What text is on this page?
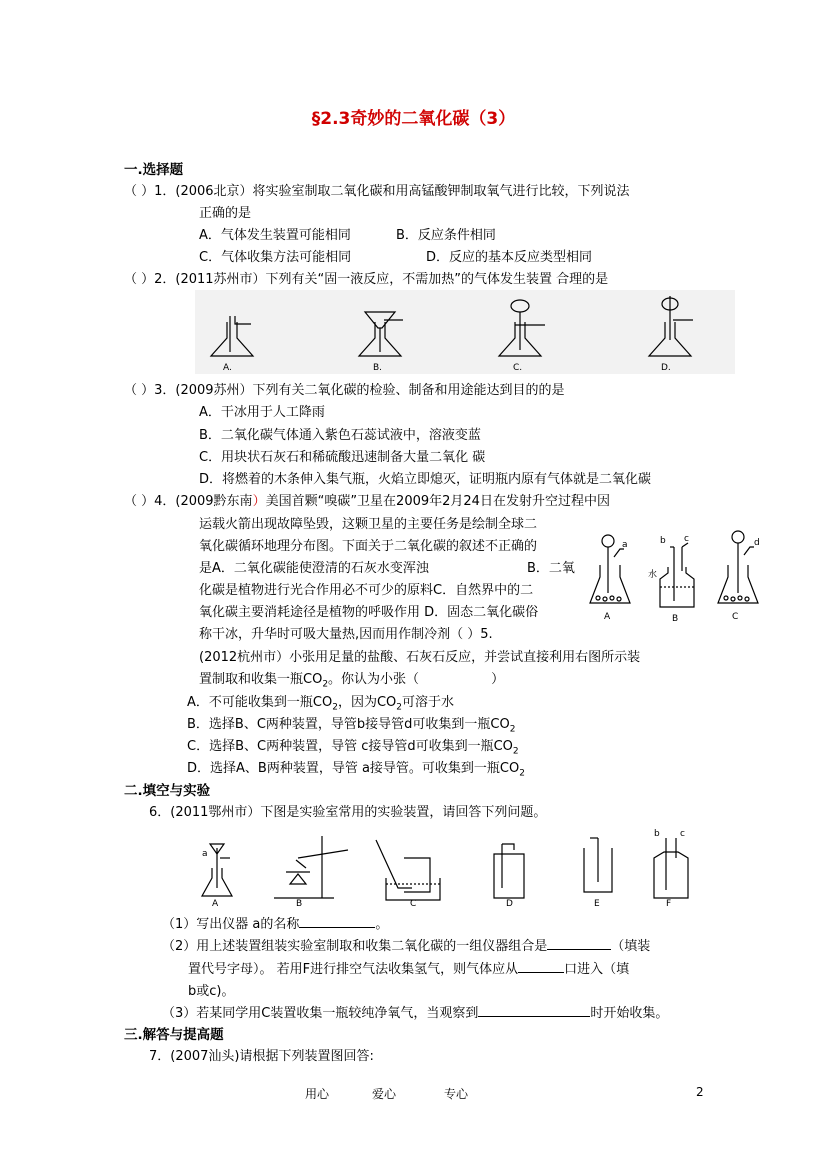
§2.3奇妙的二氧化碳（3）
一.选择题
（ ）1．(2006北京）将实验室制取二氧化碳和用高锰酸钾制取氧气进行比较，下列说法
正确的是
A．气体发生装置可能相同	B．反应条件相同
C．气体收集方法可能相同	D．反应的基本反应类型相同
（ ）2．(2011苏州市）下列有关“固一液反应，不需加热”的气体发生装置 合理的是
A.	B.	C.	D.
（ ）3．(2009苏州）下列有关二氧化碳的检验、制备和用途能达到目的的是
A．干冰用于人工降雨
B．二氧化碳气体通入紫色石蕊试液中，溶液变蓝
C．用块状石灰石和稀硫酸迅速制备大量二氧化 碳
D．将燃着的木条伸入集气瓶，火焰立即熄灭，证明瓶内原有气体就是二氧化碳
（ ）4．(2009黔东南）美国首颗“嗅碳”卫星在2009年2月24日在发射升空过程中因
运载火箭出现故障坠毁，这颗卫星的主要任务是绘制全球二
氧化碳循环地理分布图。下面关于二氧化碳的叙述不正确的
是A．二氧化碳能使澄清的石灰水变浑浊	B．二氧
化碳是植物进行光合作用必不可少的原料C．自然界中的二
氧化碳主要消耗途径是植物的呼吸作用 D．固态二氧化碳俗
称干冰，升华时可吸大量热,因而用作制冷剂（ ）5.
a
A
b c
水
B
d
C
(2012杭州市）小张用足量的盐酸、石灰石反应，并尝试直接利用右图所示装
置制取和收集一瓶$CO_2$。你认为小张（	）
A．不可能收集到一瓶$CO_2$，因为$CO_2$可溶于水
B．选择B、C两种装置，导管b接导管d可收集到一瓶$CO_2$
C．选择B、C两种装置，导管 c接导管d可收集到一瓶$CO_2$
D．选择A、B两种装置，导管 a接导管。可收集到一瓶$CO_2$
二.填空与实验
6．(2011鄂州市）下图是实验室常用的实验装置，请回答下列问题。
a
A	B	C	D	E
b c
F
（1）写出仪器 a的名称	。
（2）用上述装置组装实验室制取和收集二氧化碳的一组仪器组合是	（填装
置代号字母）。 若用F进行排空气法收集氢气，则气体应从	口进入（填
b或c)。
（3）若某同学用C装置收集一瓶较纯净氧气，当观察到	时开始收集。
三.解答与提高题
7．(2007汕头)请根据下列装置图回答:
用心	爱心	专心	2
